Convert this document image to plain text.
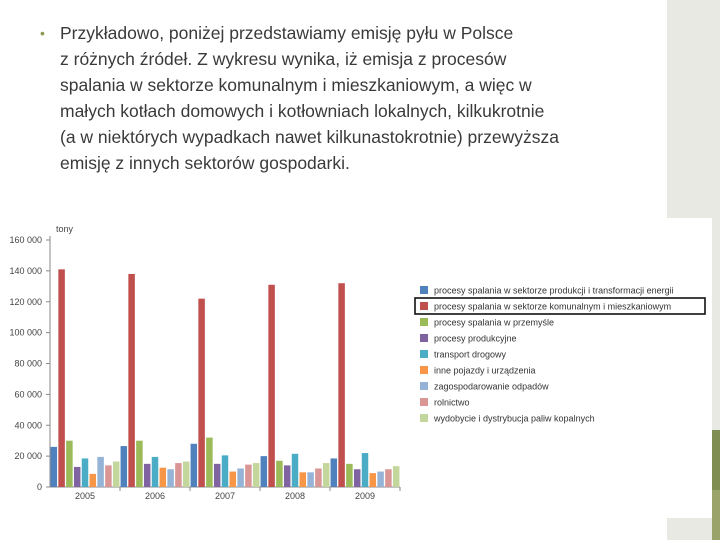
• Przykładowo, poniżej przedstawiamy emisję pyłu w Polsce
z różnych źródeł. Z wykresu wynika, iż emisja z procesów
spalania w sektorze komunalnym i mieszkaniowym, a więc w
małych kotłach domowych i kotłowniach lokalnych, kilkukrotnie
(a w niektórych wypadkach nawet kilkunastokrotnie) przewyższa
emisję z innych sektorów gospodarki.
tony
0
20 000
40 000
60 000
80 000
100 000
120 000
140 000
160 000
2005	2006	2007	2008	2009
procesy spalania w sektorze produkcji i transformacji energii
procesy spalania w sektorze komunalnym i mieszkaniowym
procesy spalania w przemyśle
procesy produkcyjne
transport drogowy
inne pojazdy i urządzenia
zagospodarowanie odpadów
rolnictwo
wydobycie i dystrybucja paliw kopalnych
